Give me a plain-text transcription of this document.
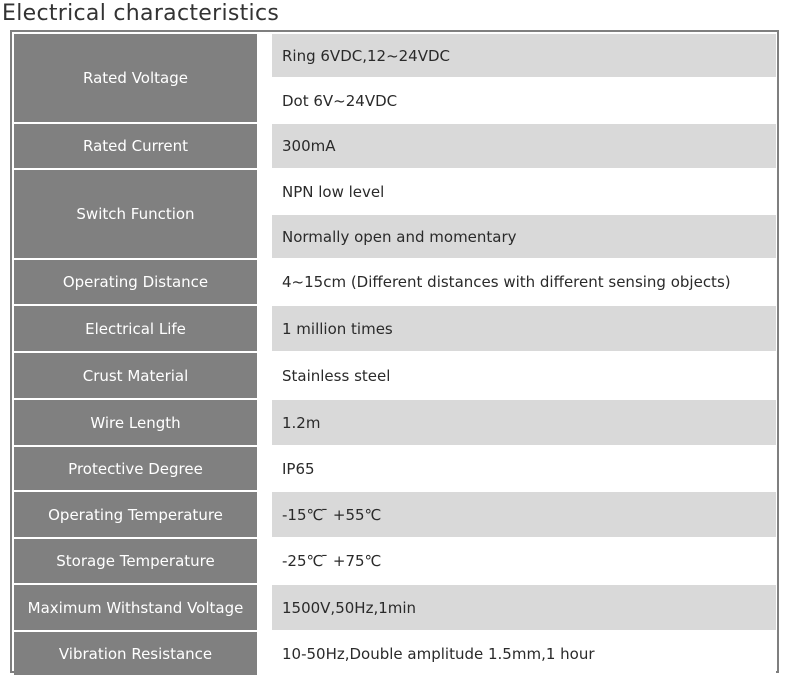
Electrical characteristics
Rated Voltage		Ring 6VDC,12~24VDC
		Dot 6V~24VDC
Rated Current		300mA
Switch Function		NPN low level
		Normally open and momentary
Operating Distance		4~15cm (Different distances with different sensing objects)
Electrical Life		1 million times
Crust Material		Stainless steel
Wire Length		1.2m
Protective Degree		IP65
Operating Temperature		-15℃ ̄ +55℃
Storage Temperature		-25℃ ̄ +75℃
Maximum Withstand Voltage		1500V,50Hz,1min
Vibration Resistance		10-50Hz,Double amplitude 1.5mm,1 hour
